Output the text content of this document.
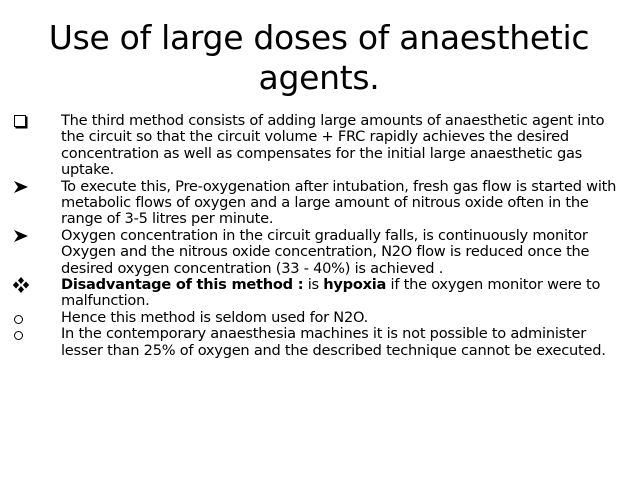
Use of large doses of anaesthetic agents.
The third method consists of adding large amounts of anaesthetic agent into the circuit so that the circuit volume + FRC rapidly achieves the desired concentration as well as compensates for the initial large anaesthetic gas uptake.
To execute this, Pre-oxygenation after intubation, fresh gas flow is started with metabolic flows of oxygen and a large amount of nitrous oxide often in the range of 3-5 litres per minute.
Oxygen concentration in the circuit gradually falls, is continuously monitor Oxygen and the nitrous oxide concentration, N2O flow is reduced once the desired oxygen concentration (33 - 40%) is achieved .
Disadvantage of this method : is hypoxia if the oxygen monitor were to malfunction.
Hence this method is seldom used for N2O.
In the contemporary anaesthesia machines it is not possible to administer lesser than 25% of oxygen and the described technique cannot be executed.
